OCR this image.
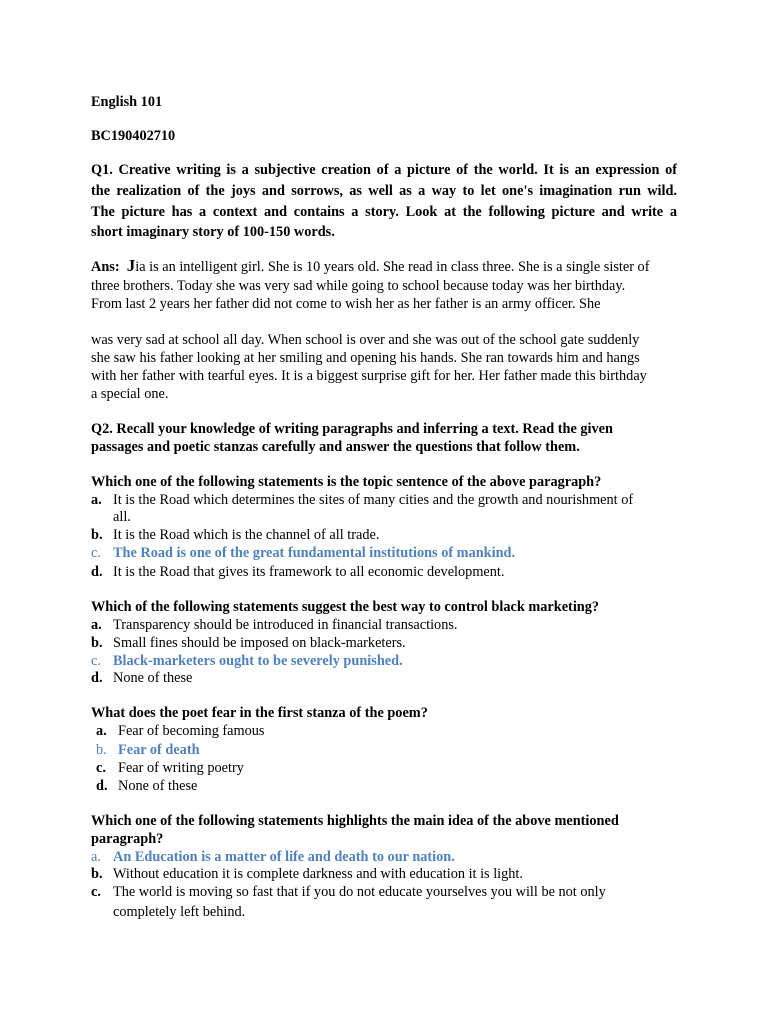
English 101
BC190402710
Q1. Creative writing is a subjective creation of a picture of the world. It is an expression of
the realization of the joys and sorrows, as well as a way to let one's imagination run wild.
The picture has a context and contains a story. Look at the following picture and write a
short imaginary story of 100-150 words.
Ans: Jia is an intelligent girl. She is 10 years old. She read in class three. She is a single sister of
three brothers. Today she was very sad while going to school because today was her birthday.
From last 2 years her father did not come to wish her as her father is an army officer. She
was very sad at school all day. When school is over and she was out of the school gate suddenly
she saw his father looking at her smiling and opening his hands. She ran towards him and hangs
with her father with tearful eyes. It is a biggest surprise gift for her. Her father made this birthday
a special one.
Q2. Recall your knowledge of writing paragraphs and inferring a text. Read the given
passages and poetic stanzas carefully and answer the questions that follow them.
Which one of the following statements is the topic sentence of the above paragraph?
a. It is the Road which determines the sites of many cities and the growth and nourishment of
all.
b. It is the Road which is the channel of all trade.
c. The Road is one of the great fundamental institutions of mankind.
d. It is the Road that gives its framework to all economic development.
Which of the following statements suggest the best way to control black marketing?
a. Transparency should be introduced in financial transactions.
b. Small fines should be imposed on black-marketers.
c. Black-marketers ought to be severely punished.
d. None of these
What does the poet fear in the first stanza of the poem?
a. Fear of becoming famous
b. Fear of death
c. Fear of writing poetry
d. None of these
Which one of the following statements highlights the main idea of the above mentioned
paragraph?
a. An Education is a matter of life and death to our nation.
b. Without education it is complete darkness and with education it is light.
c. The world is moving so fast that if you do not educate yourselves you will be not only
completely left behind.
